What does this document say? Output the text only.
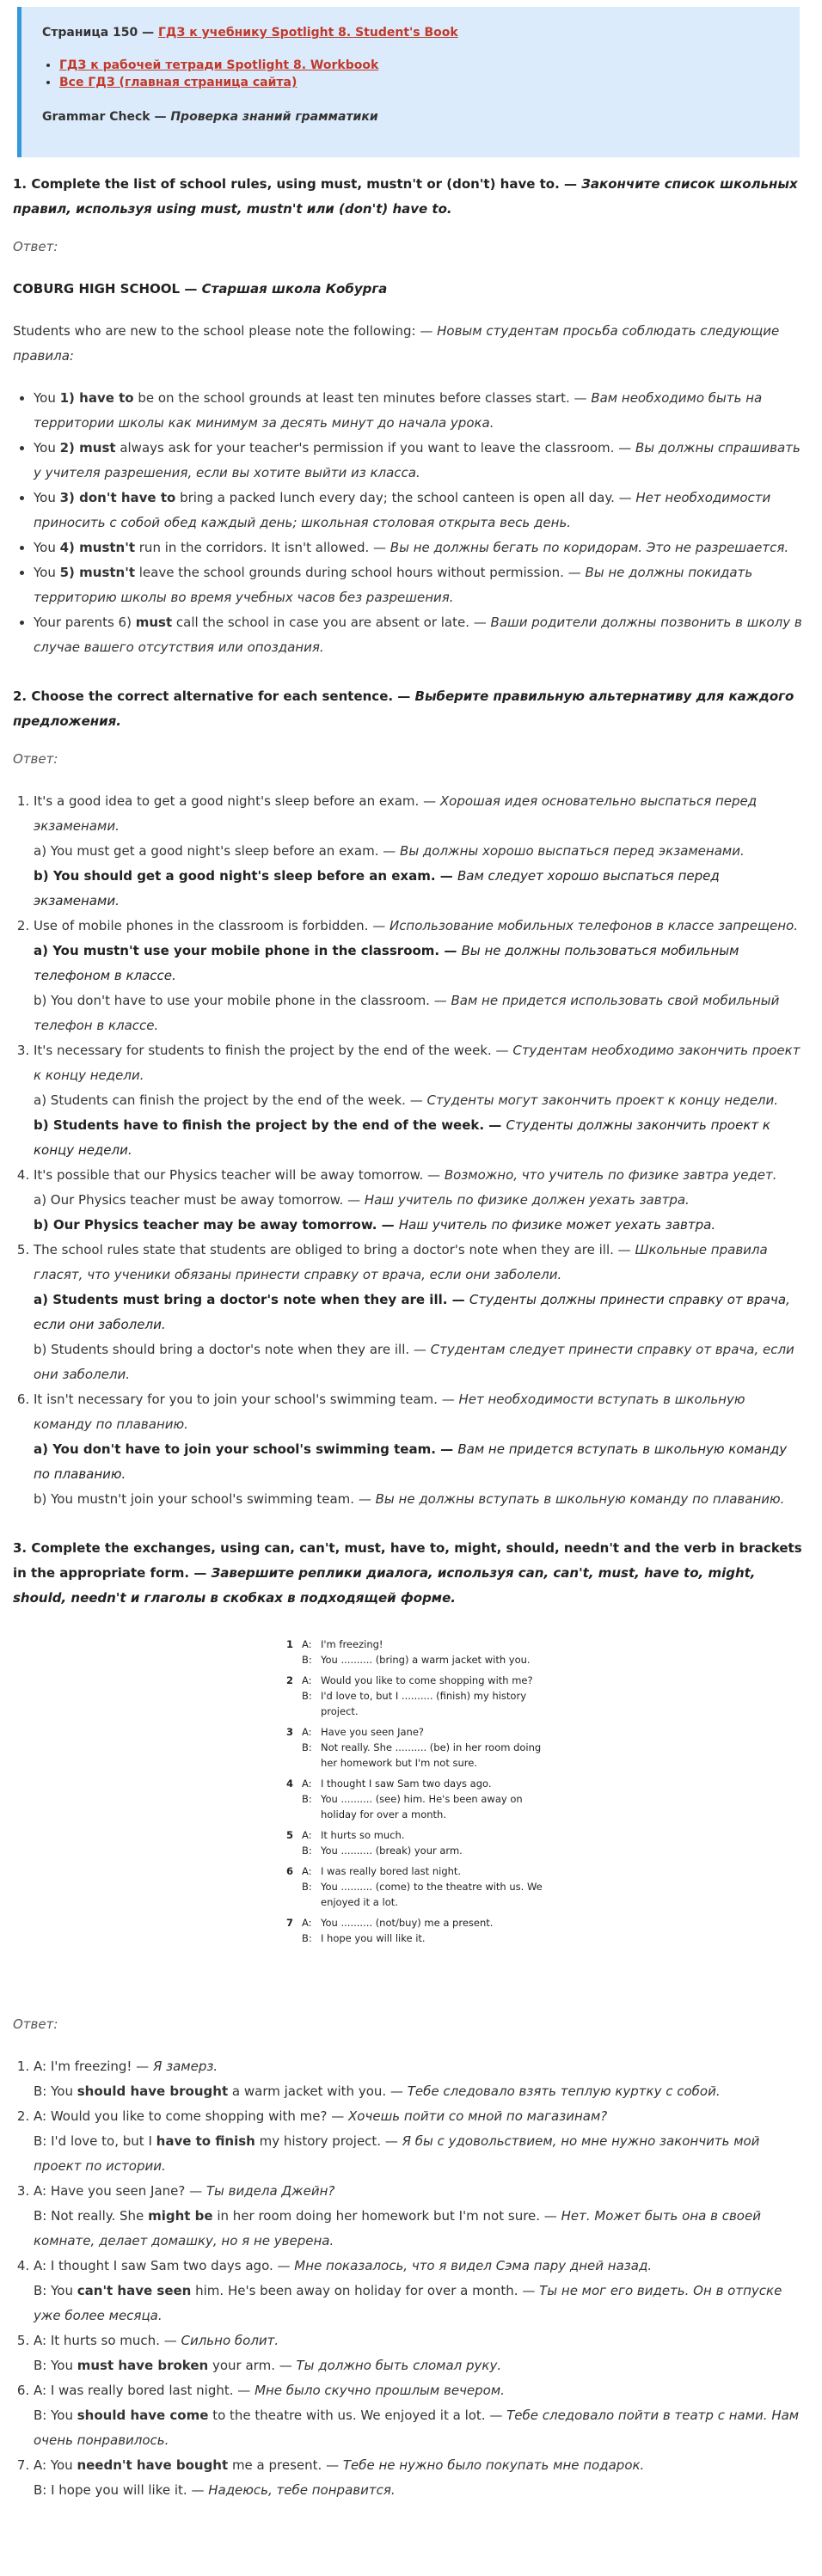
Страница 150 — ГДЗ к учебнику Spotlight 8. Student's Book
• ГДЗ к рабочей тетради Spotlight 8. Workbook
• Все ГДЗ (главная страница сайта)
Grammar Check — Проверка знаний грамматики

1. Complete the list of school rules, using must, mustn't or (don't) have to. — Закончите список школьных правил, используя using must, mustn't или (don't) have to.

Ответ:

COBURG HIGH SCHOOL — Старшая школа Кобурга

Students who are new to the school please note the following: — Новым студентам просьба соблюдать следующие правила:

• You 1) have to be on the school grounds at least ten minutes before classes start. — Вам необходимо быть на территории школы как минимум за десять минут до начала урока.
• You 2) must always ask for your teacher's permission if you want to leave the classroom. — Вы должны спрашивать у учителя разрешения, если вы хотите выйти из класса.
• You 3) don't have to bring a packed lunch every day; the school canteen is open all day. — Нет необходимости приносить с собой обед каждый день; школьная столовая открыта весь день.
• You 4) mustn't run in the corridors. It isn't allowed. — Вы не должны бегать по коридорам. Это не разрешается.
• You 5) mustn't leave the school grounds during school hours without permission. — Вы не должны покидать территорию школы во время учебных часов без разрешения.
• Your parents 6) must call the school in case you are absent or late. — Ваши родители должны позвонить в школу в случае вашего отсутствия или опоздания.

2. Choose the correct alternative for each sentence. — Выберите правильную альтернативу для каждого предложения.

Ответ:

1. It's a good idea to get a good night's sleep before an exam. — Хорошая идея основательно выспаться перед экзаменами.
a) You must get a good night's sleep before an exam. — Вы должны хорошо выспаться перед экзаменами.
b) You should get a good night's sleep before an exam. — Вам следует хорошо выспаться перед экзаменами.
2. Use of mobile phones in the classroom is forbidden. — Использование мобильных телефонов в классе запрещено.
a) You mustn't use your mobile phone in the classroom. — Вы не должны пользоваться мобильным телефоном в классе.
b) You don't have to use your mobile phone in the classroom. — Вам не придется использовать свой мобильный телефон в классе.
3. It's necessary for students to finish the project by the end of the week. — Студентам необходимо закончить проект к концу недели.
a) Students can finish the project by the end of the week. — Студенты могут закончить проект к концу недели.
b) Students have to finish the project by the end of the week. — Студенты должны закончить проект к концу недели.
4. It's possible that our Physics teacher will be away tomorrow. — Возможно, что учитель по физике завтра уедет.
a) Our Physics teacher must be away tomorrow. — Наш учитель по физике должен уехать завтра.
b) Our Physics teacher may be away tomorrow. — Наш учитель по физике может уехать завтра.
5. The school rules state that students are obliged to bring a doctor's note when they are ill. — Школьные правила гласят, что ученики обязаны принести справку от врача, если они заболели.
a) Students must bring a doctor's note when they are ill. — Студенты должны принести справку от врача, если они заболели.
b) Students should bring a doctor's note when they are ill. — Студентам следует принести справку от врача, если они заболели.
6. It isn't necessary for you to join your school's swimming team. — Нет необходимости вступать в школьную команду по плаванию.
a) You don't have to join your school's swimming team. — Вам не придется вступать в школьную команду по плаванию.
b) You mustn't join your school's swimming team. — Вы не должны вступать в школьную команду по плаванию.

3. Complete the exchanges, using can, can't, must, have to, might, should, needn't and the verb in brackets in the appropriate form. — Завершите реплики диалога, используя can, can't, must, have to, might, should, needn't и глаголы в скобках в подходящей форме.

1 A: I'm freezing!
B: You .......... (bring) a warm jacket with you.
2 A: Would you like to come shopping with me?
B: I'd love to, but I .......... (finish) my history project.
3 A: Have you seen Jane?
B: Not really. She .......... (be) in her room doing her homework but I'm not sure.
4 A: I thought I saw Sam two days ago.
B: You .......... (see) him. He's been away on holiday for over a month.
5 A: It hurts so much.
B: You .......... (break) your arm.
6 A: I was really bored last night.
B: You .......... (come) to the theatre with us. We enjoyed it a lot.
7 A: You .......... (not/buy) me a present.
B: I hope you will like it.

Ответ:

1. A: I'm freezing! — Я замерз.
B: You should have brought a warm jacket with you. — Тебе следовало взять теплую куртку с собой.
2. A: Would you like to come shopping with me? — Хочешь пойти со мной по магазинам?
B: I'd love to, but I have to finish my history project. — Я бы с удовольствием, но мне нужно закончить мой проект по истории.
3. A: Have you seen Jane? — Ты видела Джейн?
B: Not really. She might be in her room doing her homework but I'm not sure. — Нет. Может быть она в своей комнате, делает домашку, но я не уверена.
4. A: I thought I saw Sam two days ago. — Мне показалось, что я видел Сэма пару дней назад.
B: You can't have seen him. He's been away on holiday for over a month. — Ты не мог его видеть. Он в отпуске уже более месяца.
5. A: It hurts so much. — Сильно болит.
B: You must have broken your arm. — Ты должно быть сломал руку.
6. A: I was really bored last night. — Мне было скучно прошлым вечером.
B: You should have come to the theatre with us. We enjoyed it a lot. — Тебе следовало пойти в театр с нами. Нам очень понравилось.
7. A: You needn't have bought me a present. — Тебе не нужно было покупать мне подарок.
B: I hope you will like it. — Надеюсь, тебе понравится.
